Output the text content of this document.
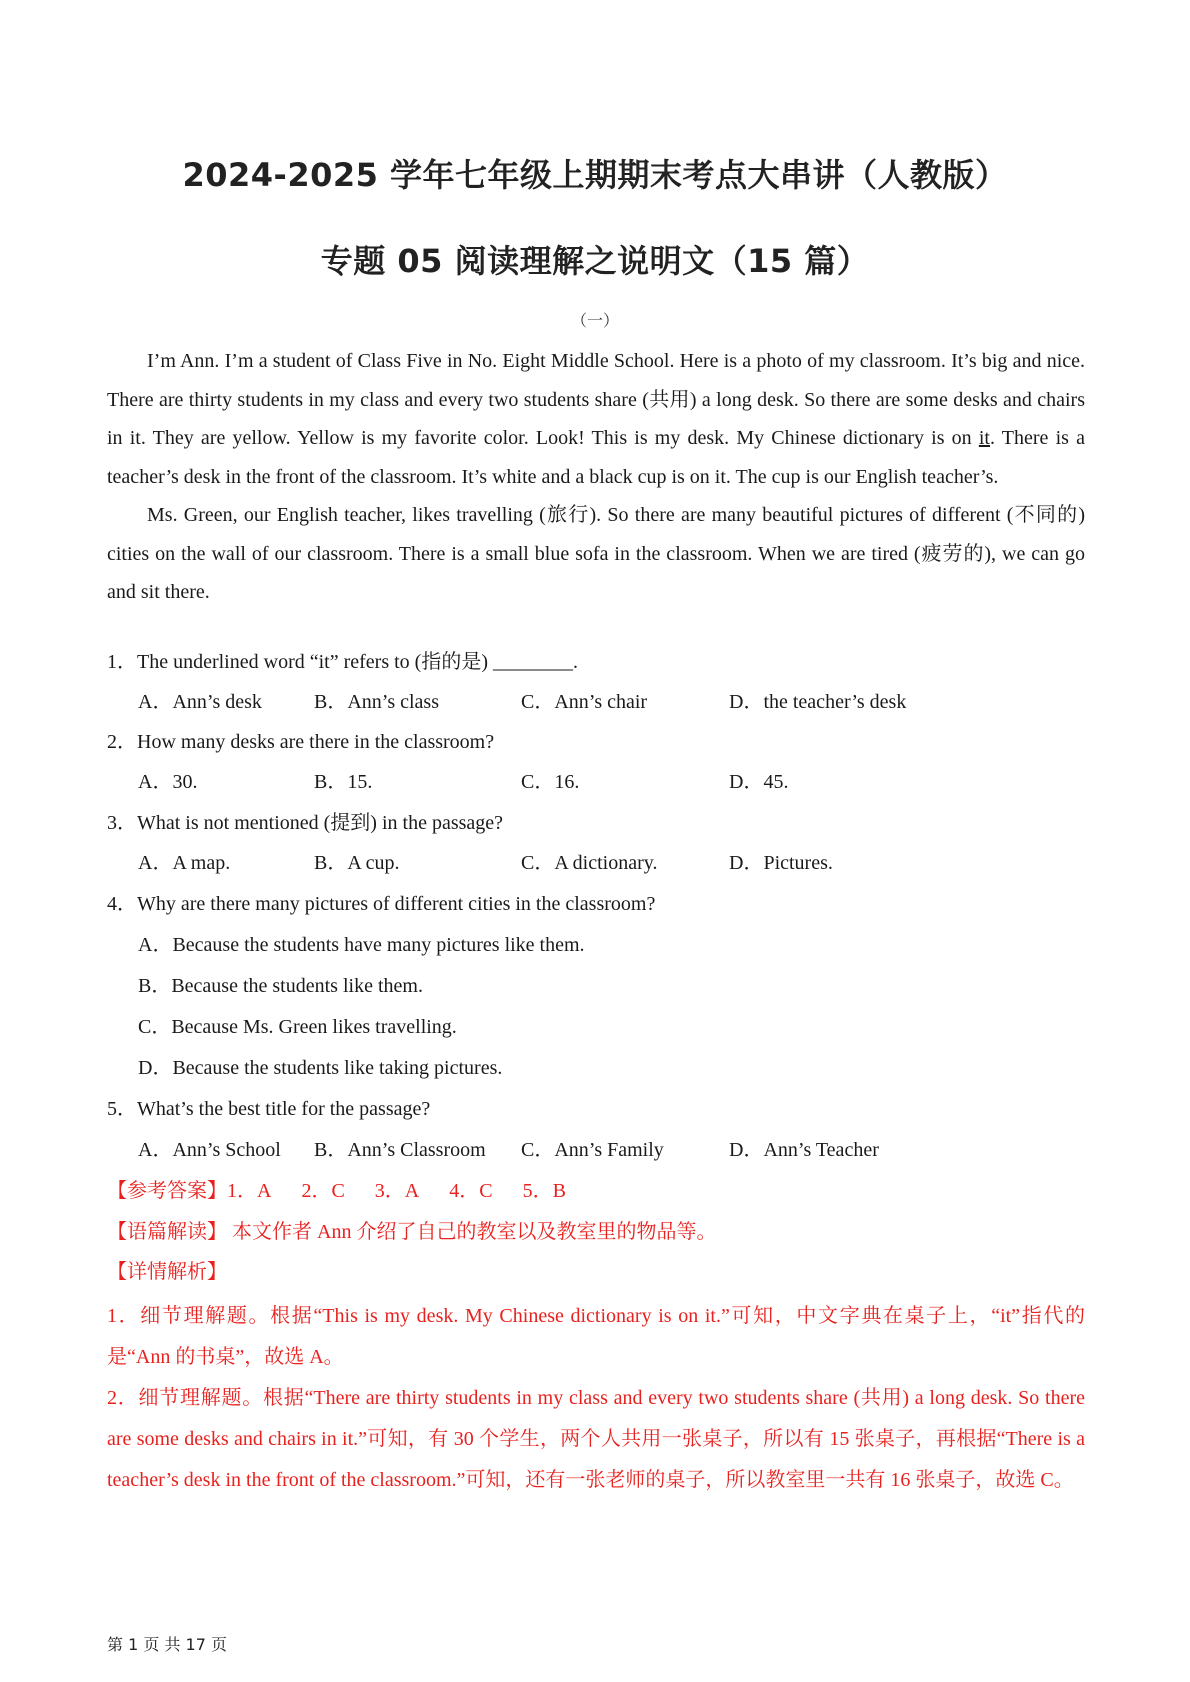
2024-2025 学年七年级上期期末考点大串讲（人教版）
专题 05 阅读理解之说明文（15 篇）
（一）

I’m Ann. I’m a student of Class Five in No. Eight Middle School. Here is a photo of my classroom. It’s big and nice. There are thirty students in my class and every two students share (共用) a long desk. So there are some desks and chairs in it. They are yellow. Yellow is my favorite color. Look! This is my desk. My Chinese dictionary is on it. There is a teacher’s desk in the front of the classroom. It’s white and a black cup is on it. The cup is our English teacher’s.

Ms. Green, our English teacher, likes travelling (旅行). So there are many beautiful pictures of different (不同的) cities on the wall of our classroom. There is a small blue sofa in the classroom. When we are tired (疲劳的), we can go and sit there.

1．The underlined word “it” refers to (指的是) ________.
A．Ann’s desk	B．Ann’s class	C．Ann’s chair	D．the teacher’s desk
2．How many desks are there in the classroom?
A．30.	B．15.	C．16.	D．45.
3．What is not mentioned (提到) in the passage?
A．A map.	B．A cup.	C．A dictionary.	D．Pictures.
4．Why are there many pictures of different cities in the classroom?
A．Because the students have many pictures like them.
B．Because the students like them.
C．Because Ms. Green likes travelling.
D．Because the students like taking pictures.
5．What’s the best title for the passage?
A．Ann’s School B．Ann’s Classroom C．Ann’s Family	D．Ann’s Teacher
【参考答案】1．A 2．C 3．A 4．C 5．B
【语篇解读】 本文作者 Ann 介绍了自己的教室以及教室里的物品等。
【详情解析】
1．细节理解题。根据“This is my desk. My Chinese dictionary is on it.”可知，中文字典在桌子上，“it”指代的是“Ann 的书桌”，故选 A。
2．细节理解题。根据“There are thirty students in my class and every two students share (共用) a long desk. So there are some desks and chairs in it.”可知，有 30 个学生，两个人共用一张桌子，所以有 15 张桌子，再根据“There is a teacher’s desk in the front of the classroom.”可知，还有一张老师的桌子，所以教室里一共有 16 张桌子，故选 C。
第 1 页 共 17 页
